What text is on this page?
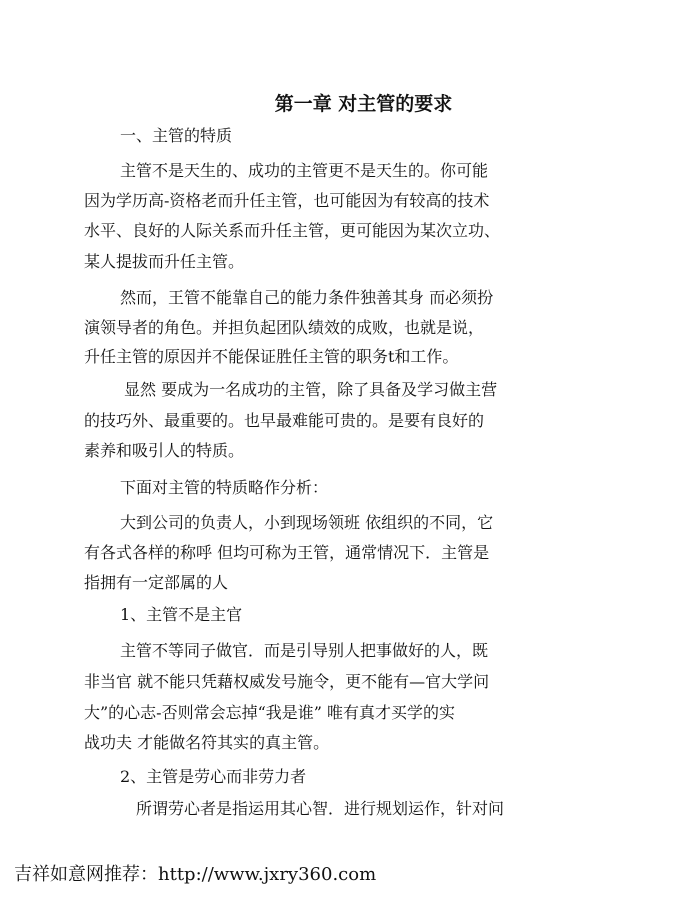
第一章 对主管的要求

一、主管的特质

主管不是天生的、成功的主管更不是天生的。你可能

因为学历高-资格老而升任主管，也可能因为有较高的技术

水平、良好的人际关系而升任主管，更可能因为某次立功、

某人提拔而升任主管。

然而，王管不能靠自己的能力条件独善其身 而必须扮

演领导者的角色。并担负起团队绩效的成败，也就是说，

升任主管的原因并不能保证胜任主管的职务t和工作。

显然 要成为一名成功的主管，除了具备及学习做主营

的技巧外、最重要的。也早最难能可贵的。是要有良好的

素养和吸引人的特质。

下面对主管的特质略作分析：

大到公司的负责人，小到现场领班 依组织的不同，它

有各式各样的称呼 但均可称为王管，通常情况下．主管是

指拥有一定部属的人

1、主管不是主官

主管不等同子做官．而是引导别人把事做好的人，既

非当官 就不能只凭藉权威发号施令，更不能有—官大学问

大”的心志-否则常会忘掉“我是谁” 唯有真才买学的实

战功夫 才能做名符其实的真主管。

2、主管是劳心而非劳力者

所谓劳心者是指运用其心智．进行规划运作，针对问

吉祥如意网推荐：http://www.jxry360.com
